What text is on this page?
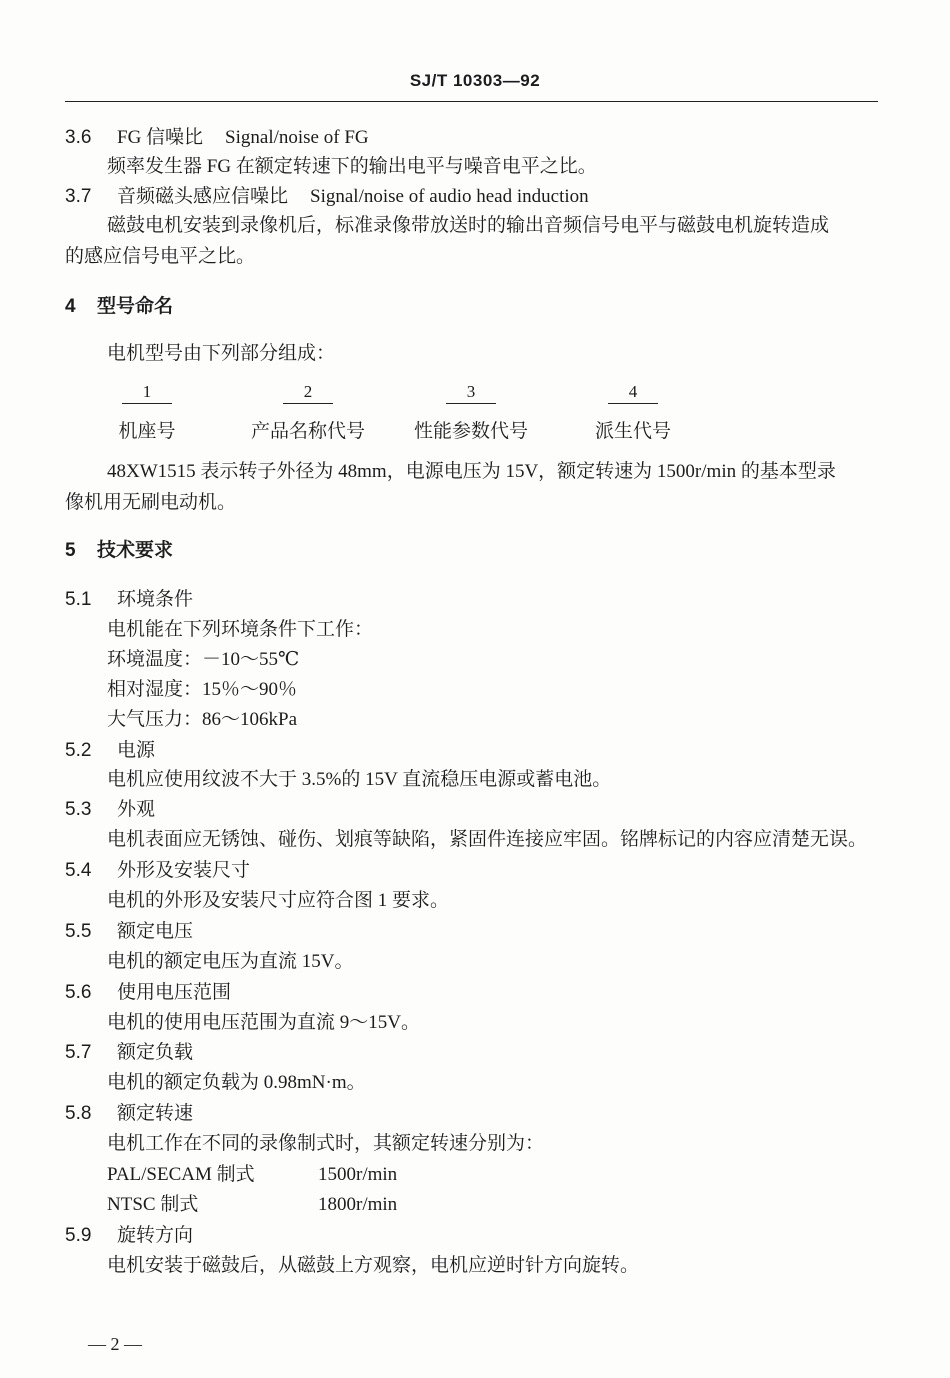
SJ/T 10303—92
3.6 FG 信噪比 Signal/noise of FG
频率发生器 FG 在额定转速下的输出电平与噪音电平之比。
3.7 音频磁头感应信噪比 Signal/noise of audio head induction
磁鼓电机安装到录像机后，标准录像带放送时的输出音频信号电平与磁鼓电机旋转造成
的感应信号电平之比。
4 型号命名
电机型号由下列部分组成：
1
机座号
2
产品名称代号
3
性能参数代号
4
派生代号
48XW1515 表示转子外径为 48mm，电源电压为 15V，额定转速为 1500r/min 的基本型录
像机用无刷电动机。
5 技术要求
5.1 环境条件
电机能在下列环境条件下工作：
环境温度：－10～55℃
相对湿度：15％～90％
大气压力：86～106kPa
5.2 电源
电机应使用纹波不大于 3.5%的 15V 直流稳压电源或蓄电池。
5.3 外观
电机表面应无锈蚀、碰伤、划痕等缺陷，紧固件连接应牢固。铭牌标记的内容应清楚无误。
5.4 外形及安装尺寸
电机的外形及安装尺寸应符合图 1 要求。
5.5 额定电压
电机的额定电压为直流 15V。
5.6 使用电压范围
电机的使用电压范围为直流 9～15V。
5.7 额定负载
电机的额定负载为 0.98mN·m。
5.8 额定转速
电机工作在不同的录像制式时，其额定转速分别为：
PAL/SECAM 制式	1500r/min
NTSC 制式	1800r/min
5.9 旋转方向
电机安装于磁鼓后，从磁鼓上方观察，电机应逆时针方向旋转。
— 2 —
